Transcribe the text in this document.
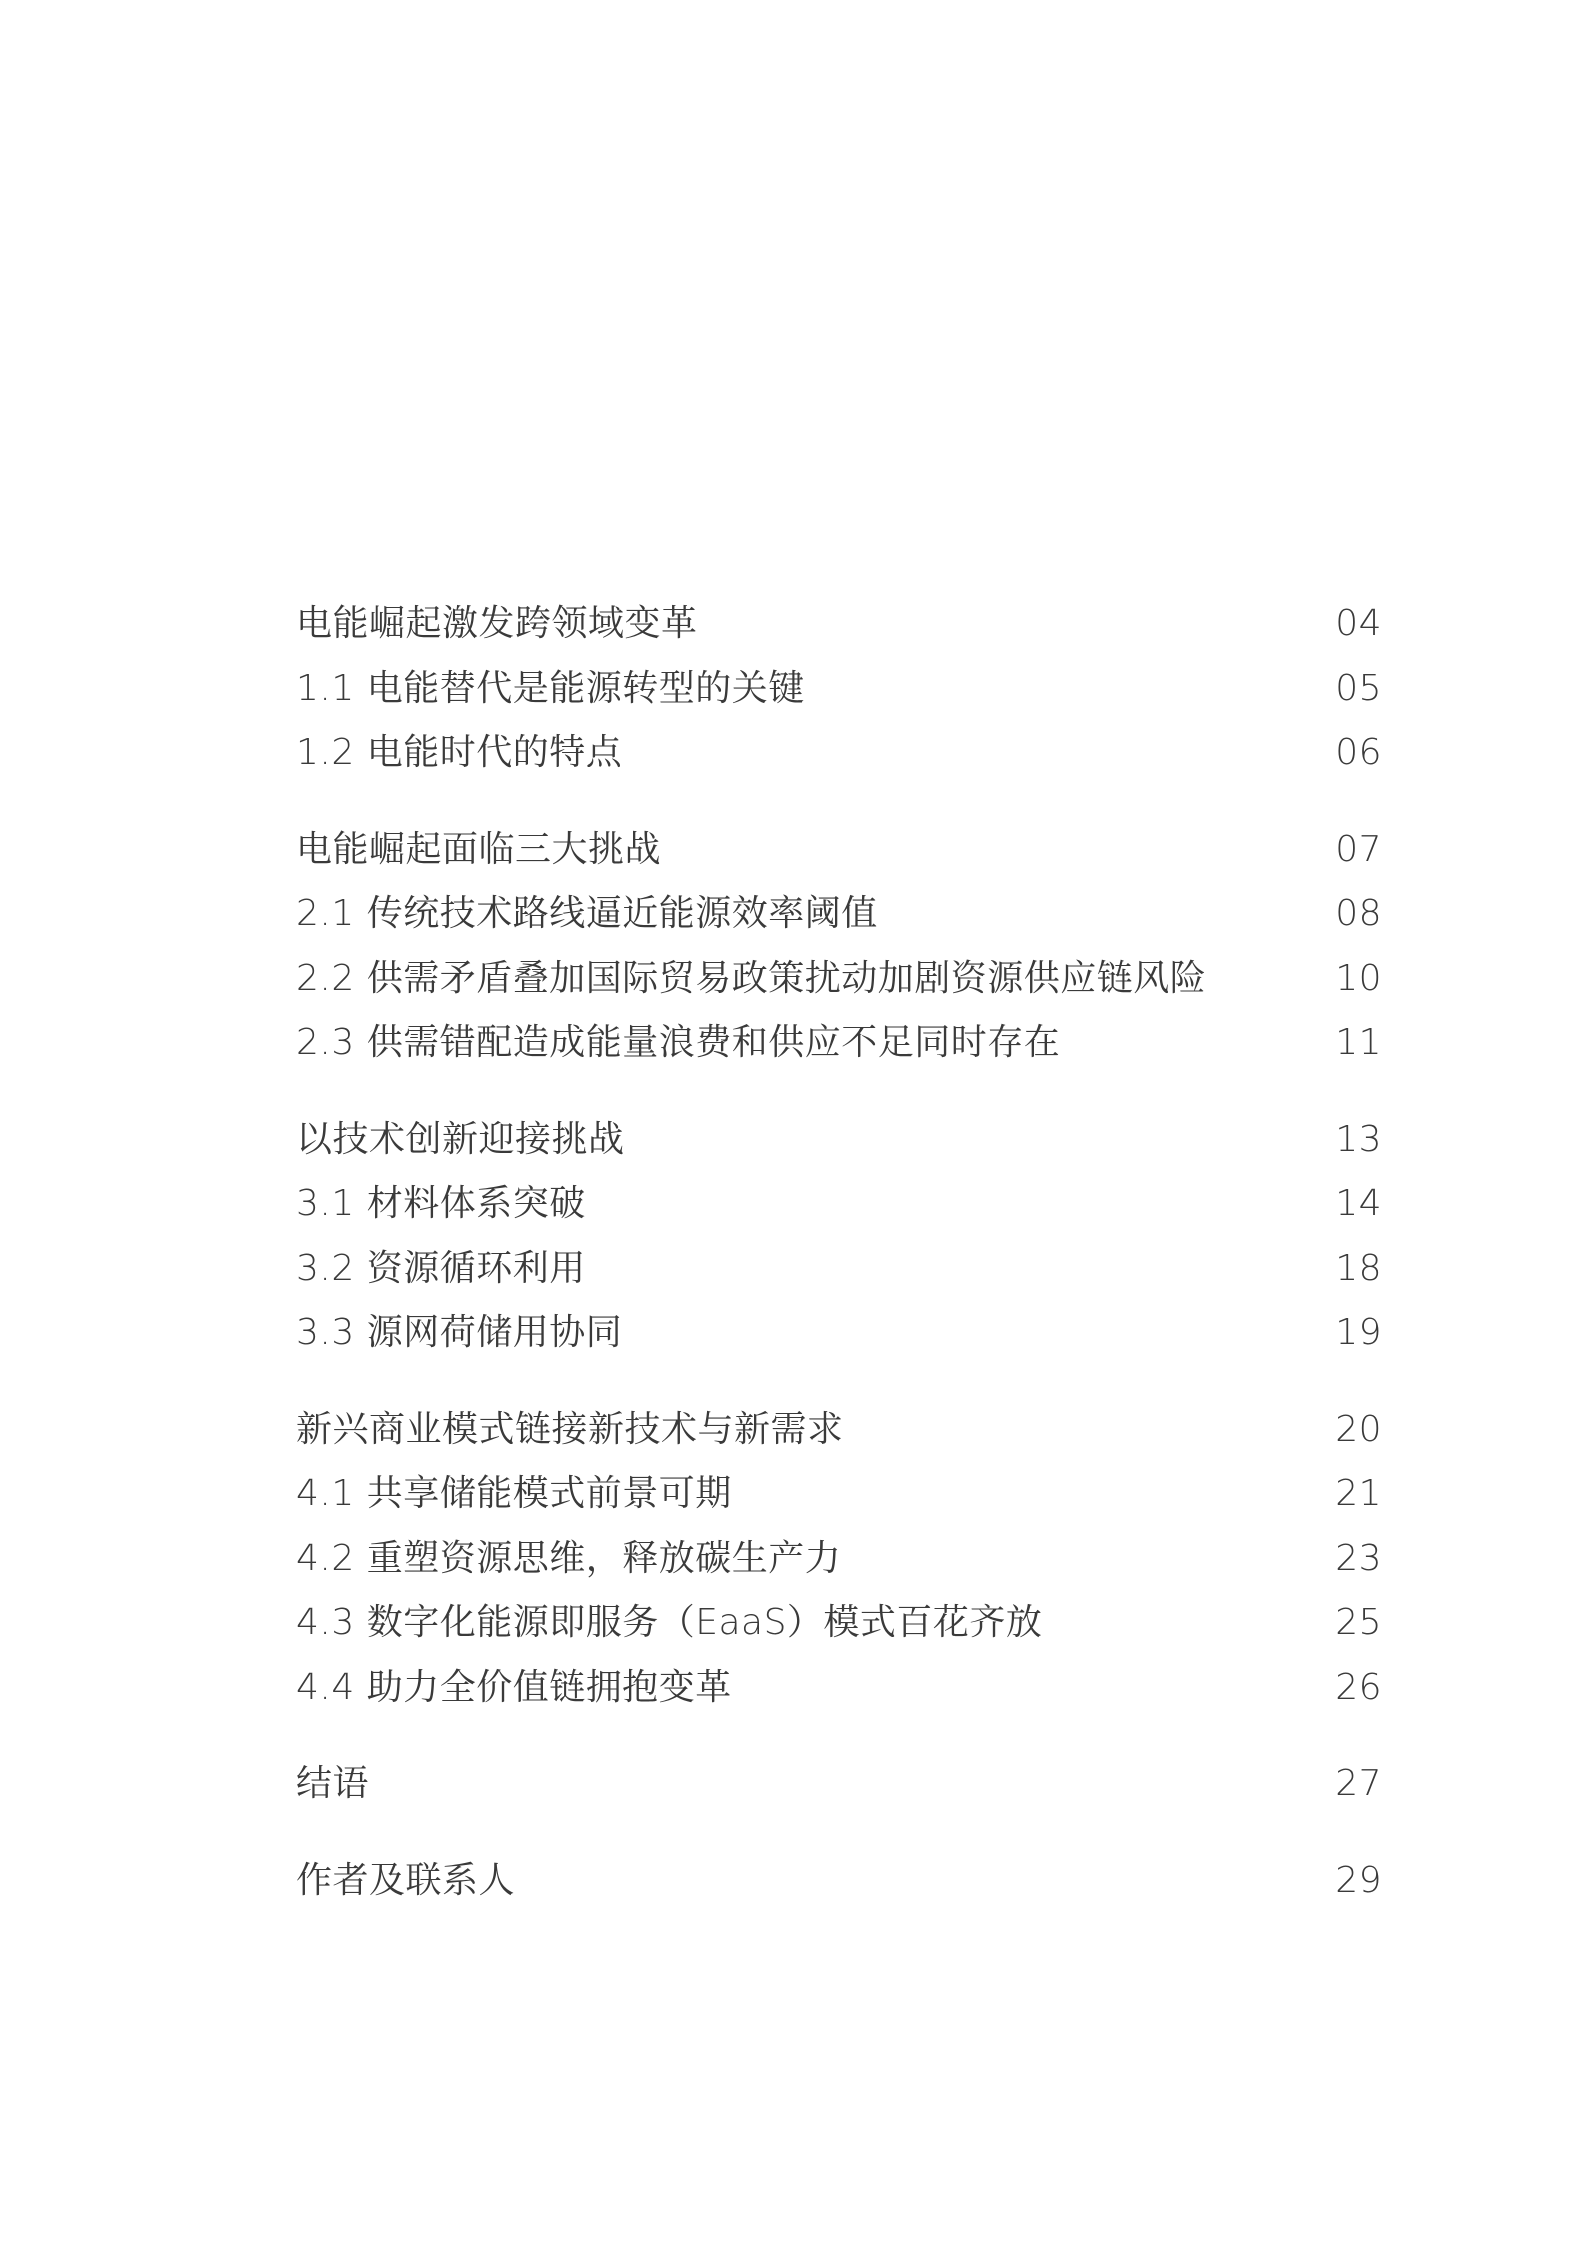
电能崛起激发跨领域变革	04
1.1 电能替代是能源转型的关键	05
1.2 电能时代的特点	06
电能崛起面临三大挑战	07
2.1 传统技术路线逼近能源效率阈值	08
2.2 供需矛盾叠加国际贸易政策扰动加剧资源供应链风险	10
2.3 供需错配造成能量浪费和供应不足同时存在	11
以技术创新迎接挑战	13
3.1 材料体系突破	14
3.2 资源循环利用	18
3.3 源网荷储用协同	19
新兴商业模式链接新技术与新需求	20
4.1 共享储能模式前景可期	21
4.2 重塑资源思维，释放碳生产力	23
4.3 数字化能源即服务（EaaS）模式百花齐放	25
4.4 助力全价值链拥抱变革	26
结语	27
作者及联系人	29
